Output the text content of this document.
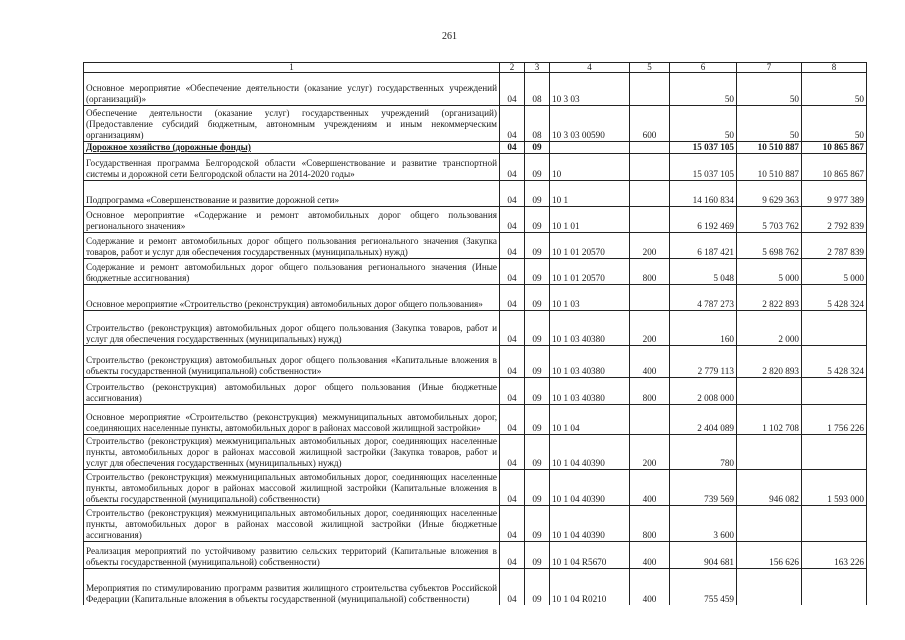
261
1	2	3	4	5	6	7	8
Основное мероприятие «Обеспечение деятельности (оказание услуг) государственных учреждений (организаций)»	04	08	10 3 03		50	50	50
Обеспечение деятельности (оказание услуг) государственных учреждений (организаций) (Предоставление субсидий бюджетным, автономным учреждениям и иным некоммерческим организациям)	04	08	10 3 03 00590	600	50	50	50
Дорожное хозяйство (дорожные фонды)	04	09			15 037 105	10 510 887	10 865 867
Государственная программа Белгородской области «Совершенствование и развитие транспортной системы и дорожной сети Белгородской области на 2014-2020 годы»	04	09	10		15 037 105	10 510 887	10 865 867
Подпрограмма «Совершенствование и развитие дорожной сети»	04	09	10 1		14 160 834	9 629 363	9 977 389
Основное мероприятие «Содержание и ремонт автомобильных дорог общего пользования регионального значения»	04	09	10 1 01		6 192 469	5 703 762	2 792 839
Содержание и ремонт автомобильных дорог общего пользования регионального значения (Закупка товаров, работ и услуг для обеспечения государственных (муниципальных) нужд)	04	09	10 1 01 20570	200	6 187 421	5 698 762	2 787 839
Содержание и ремонт автомобильных дорог общего пользования регионального значения (Иные бюджетные ассигнования)	04	09	10 1 01 20570	800	5 048	5 000	5 000
Основное мероприятие «Строительство (реконструкция) автомобильных дорог общего пользования»	04	09	10 1 03		4 787 273	2 822 893	5 428 324
Строительство (реконструкция) автомобильных дорог общего пользования (Закупка товаров, работ и услуг для обеспечения государственных (муниципальных) нужд)	04	09	10 1 03 40380	200	160	2 000	
Строительство (реконструкция) автомобильных дорог общего пользования «Капитальные вложения в объекты государственной (муниципальной) собственности»	04	09	10 1 03 40380	400	2 779 113	2 820 893	5 428 324
Строительство (реконструкция) автомобильных дорог общего пользования (Иные бюджетные ассигнования)	04	09	10 1 03 40380	800	2 008 000		
Основное мероприятие «Строительство (реконструкция) межмуниципальных автомобильных дорог, соединяющих населенные пункты, автомобильных дорог в районах массовой жилищной застройки»	04	09	10 1 04		2 404 089	1 102 708	1 756 226
Строительство (реконструкция) межмуниципальных автомобильных дорог, соединяющих населенные пункты, автомобильных дорог в районах массовой жилищной застройки (Закупка товаров, работ и услуг для обеспечения государственных (муниципальных) нужд)	04	09	10 1 04 40390	200	780		
Строительство (реконструкция) межмуниципальных автомобильных дорог, соединяющих населенные пункты, автомобильных дорог в районах массовой жилищной застройки (Капитальные вложения в объекты государственной (муниципальной) собственности)	04	09	10 1 04 40390	400	739 569	946 082	1 593 000
Строительство (реконструкция) межмуниципальных автомобильных дорог, соединяющих населенные пункты, автомобильных дорог в районах массовой жилищной застройки (Иные бюджетные ассигнования)	04	09	10 1 04 40390	800	3 600		
Реализация мероприятий по устойчивому развитию сельских территорий (Капитальные вложения в объекты государственной (муниципальной) собственности)	04	09	10 1 04 R5670	400	904 681	156 626	163 226
Мероприятия по стимулированию программ развития жилищного строительства субъектов Российской Федерации (Капитальные вложения в объекты государственной (муниципальной) собственности)	04	09	10 1 04 R0210	400	755 459		
